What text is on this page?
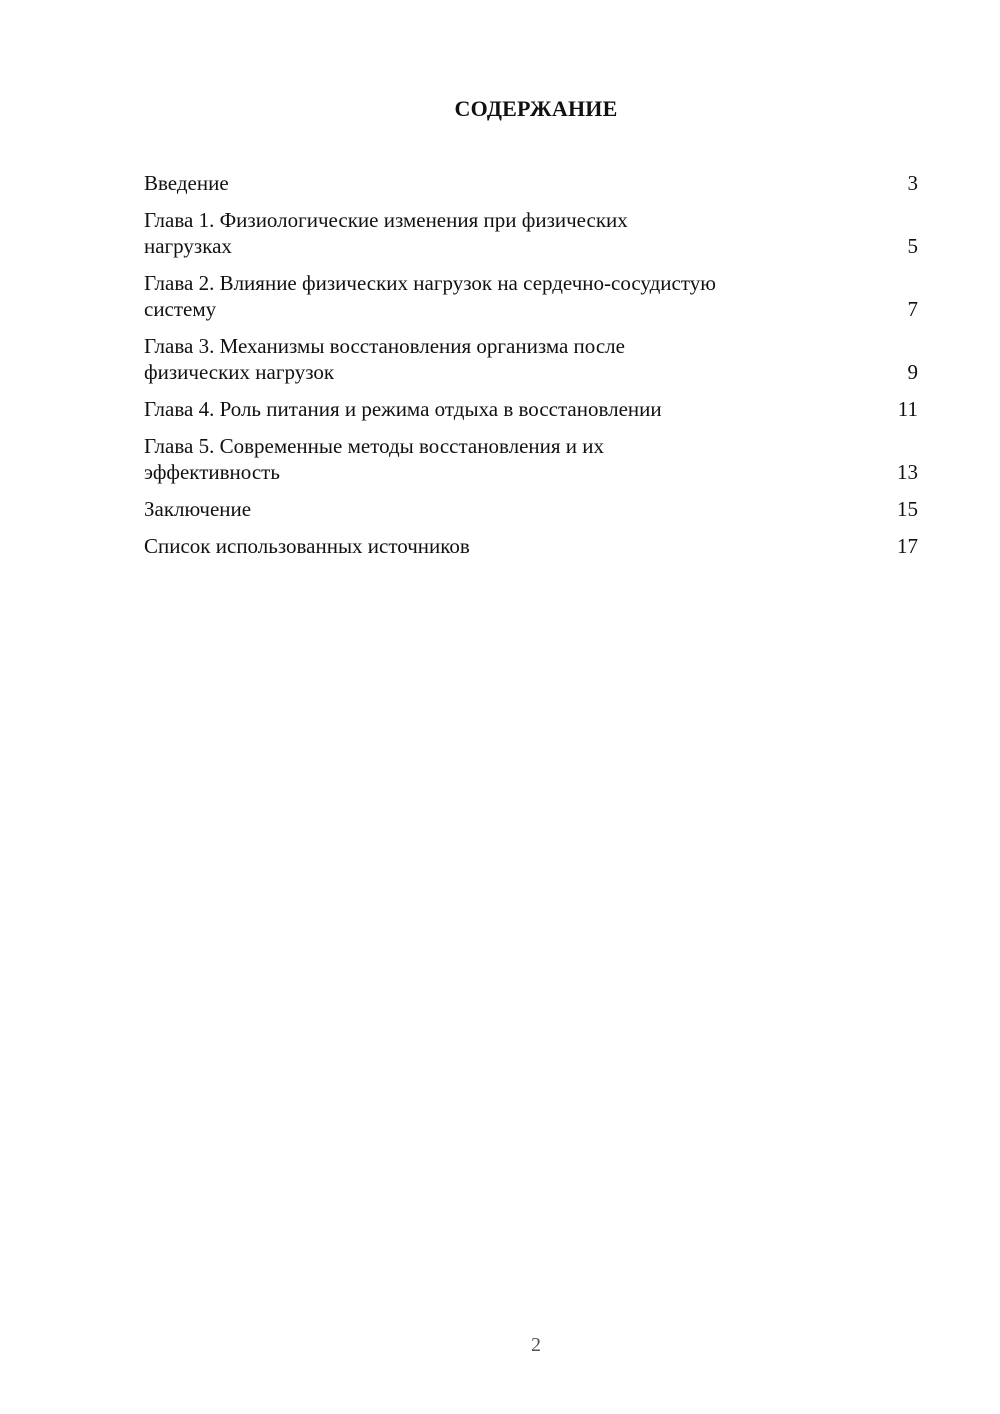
СОДЕРЖАНИЕ
Введение	3
Глава 1. Физиологические изменения при физических
нагрузках	5
Глава 2. Влияние физических нагрузок на сердечно-сосудистую
систему	7
Глава 3. Механизмы восстановления организма после
физических нагрузок	9
Глава 4. Роль питания и режима отдыха в восстановлении	11
Глава 5. Современные методы восстановления и их
эффективность	13
Заключение	15
Список использованных источников	17
2
